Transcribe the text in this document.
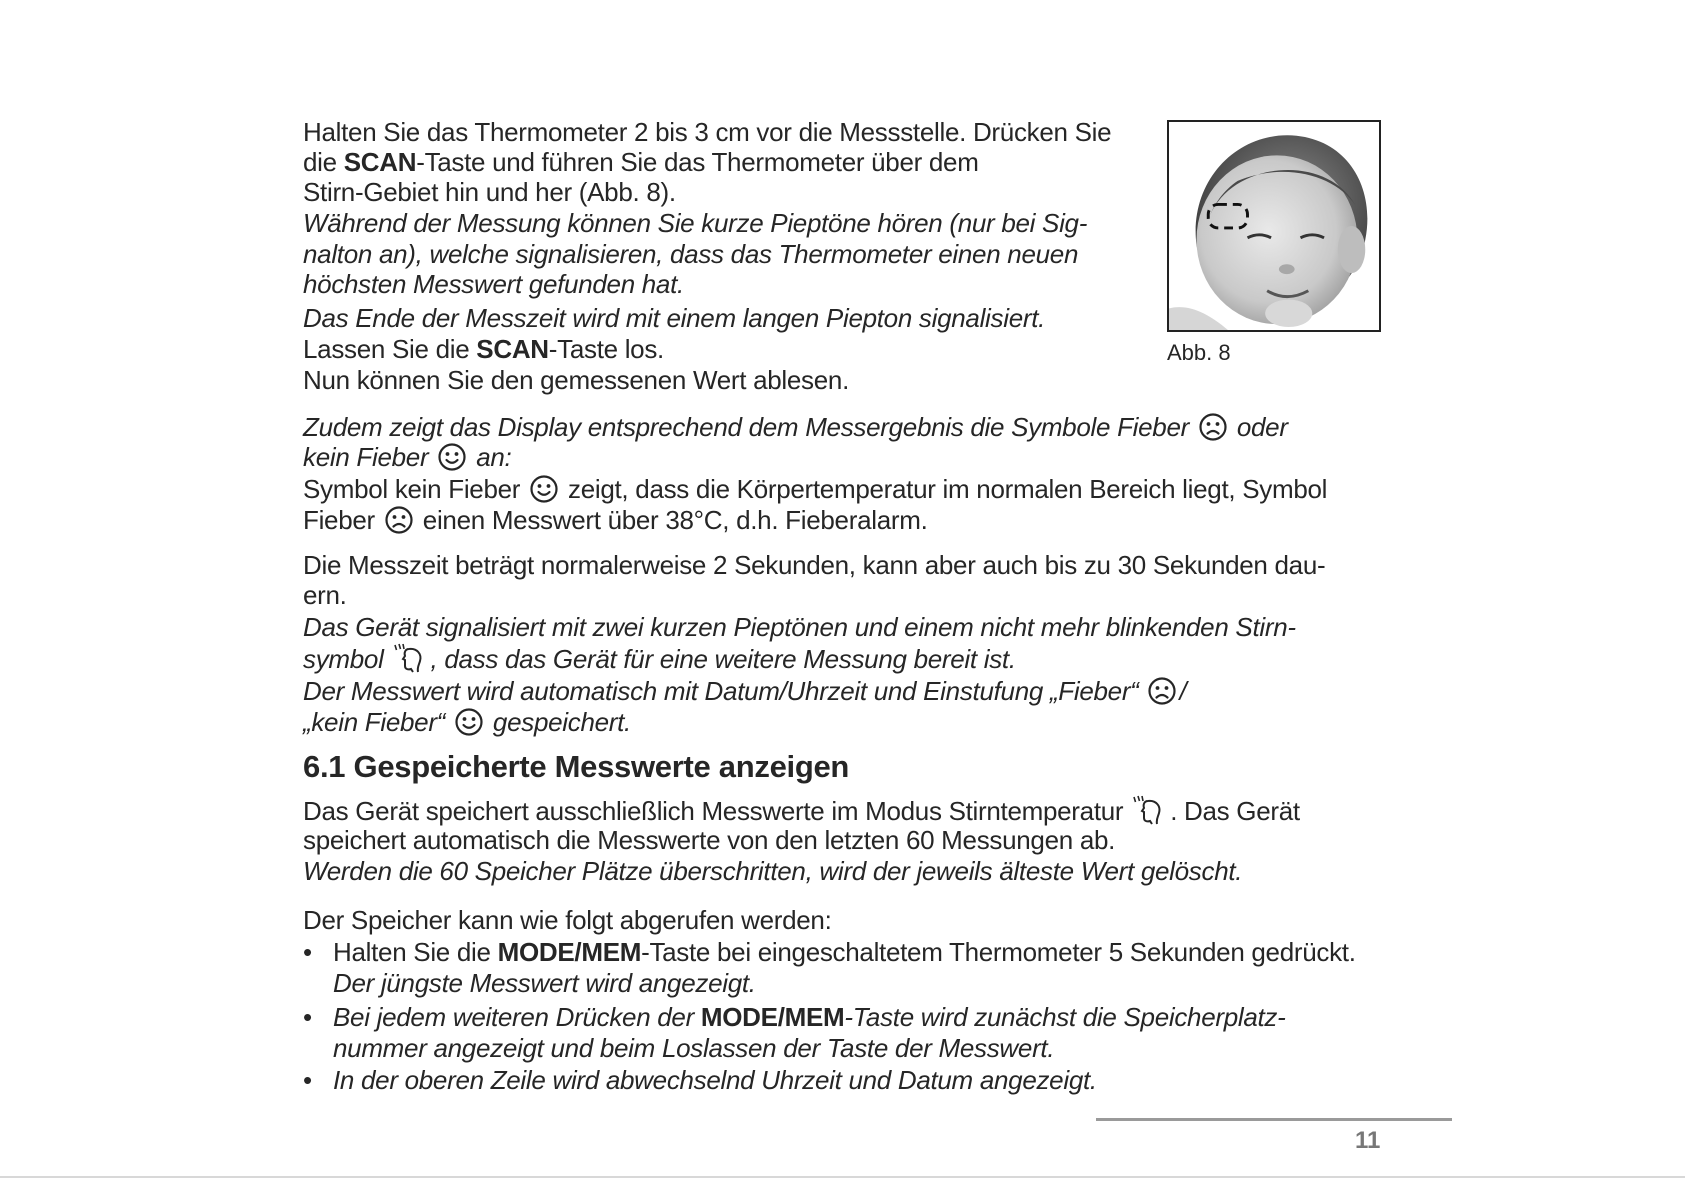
Halten Sie das Thermometer 2 bis 3 cm vor die Messstelle. Drücken Sie
die SCAN-Taste und führen Sie das Thermometer über dem
Stirn-Gebiet hin und her (Abb. 8).
Während der Messung können Sie kurze Pieptöne hören (nur bei Sig-
nalton an), welche signalisieren, dass das Thermometer einen neuen
höchsten Messwert gefunden hat.
Das Ende der Messzeit wird mit einem langen Piepton signalisiert.
Lassen Sie die SCAN-Taste los.
Nun können Sie den gemessenen Wert ablesen.
Abb. 8
Zudem zeigt das Display entsprechend dem Messergebnis die Symbole Fieber oder
kein Fieber an:
Symbol kein Fieber zeigt, dass die Körpertemperatur im normalen Bereich liegt, Symbol
Fieber einen Messwert über 38°C, d.h. Fieberalarm.
Die Messzeit beträgt normalerweise 2 Sekunden, kann aber auch bis zu 30 Sekunden dau-
ern.
Das Gerät signalisiert mit zwei kurzen Pieptönen und einem nicht mehr blinkenden Stirn-
symbol , dass das Gerät für eine weitere Messung bereit ist.
Der Messwert wird automatisch mit Datum/Uhrzeit und Einstufung „Fieber“ /
„kein Fieber“ gespeichert.
6.1 Gespeicherte Messwerte anzeigen
Das Gerät speichert ausschließlich Messwerte im Modus Stirntemperatur . Das Gerät
speichert automatisch die Messwerte von den letzten 60 Messungen ab.
Werden die 60 Speicher Plätze überschritten, wird der jeweils älteste Wert gelöscht.
Der Speicher kann wie folgt abgerufen werden:
• Halten Sie die MODE/MEM-Taste bei eingeschaltetem Thermometer 5 Sekunden gedrückt.
Der jüngste Messwert wird angezeigt.
• Bei jedem weiteren Drücken der MODE/MEM-Taste wird zunächst die Speicherplatz-
nummer angezeigt und beim Loslassen der Taste der Messwert.
• In der oberen Zeile wird abwechselnd Uhrzeit und Datum angezeigt.
11
